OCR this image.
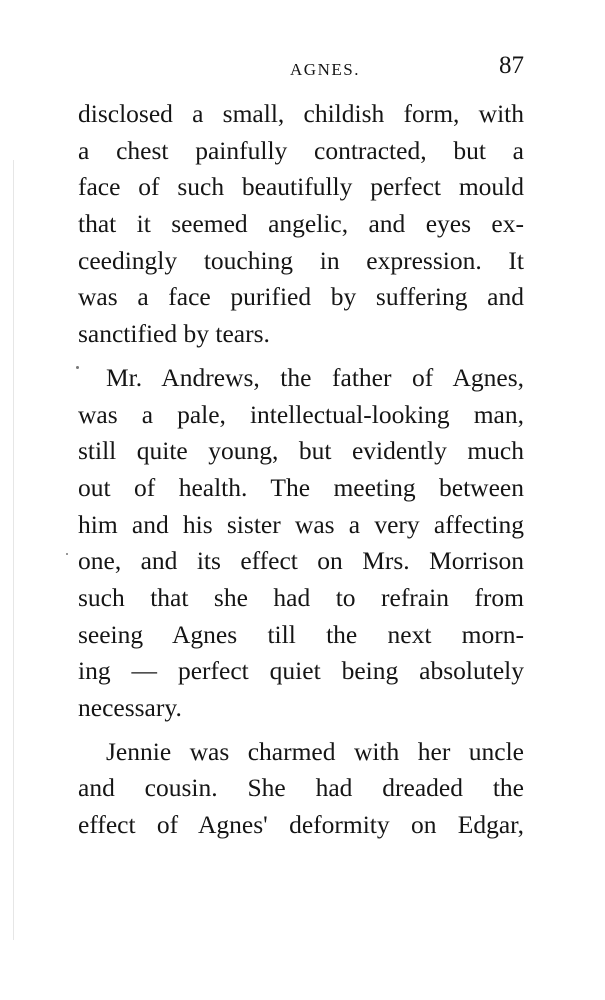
AGNES.	87
disclosed a small, childish form, with
a chest painfully contracted, but a
face of such beautifully perfect mould
that it seemed angelic, and eyes ex-
ceedingly touching in expression. It
was a face purified by suffering and
sanctified by tears.
Mr. Andrews, the father of Agnes,
was a pale, intellectual-looking man,
still quite young, but evidently much
out of health. The meeting between
him and his sister was a very affecting
one, and its effect on Mrs. Morrison
such that she had to refrain from
seeing Agnes till the next morn-
ing — perfect quiet being absolutely
necessary.
Jennie was charmed with her uncle
and cousin. She had dreaded the
effect of Agnes' deformity on Edgar,
